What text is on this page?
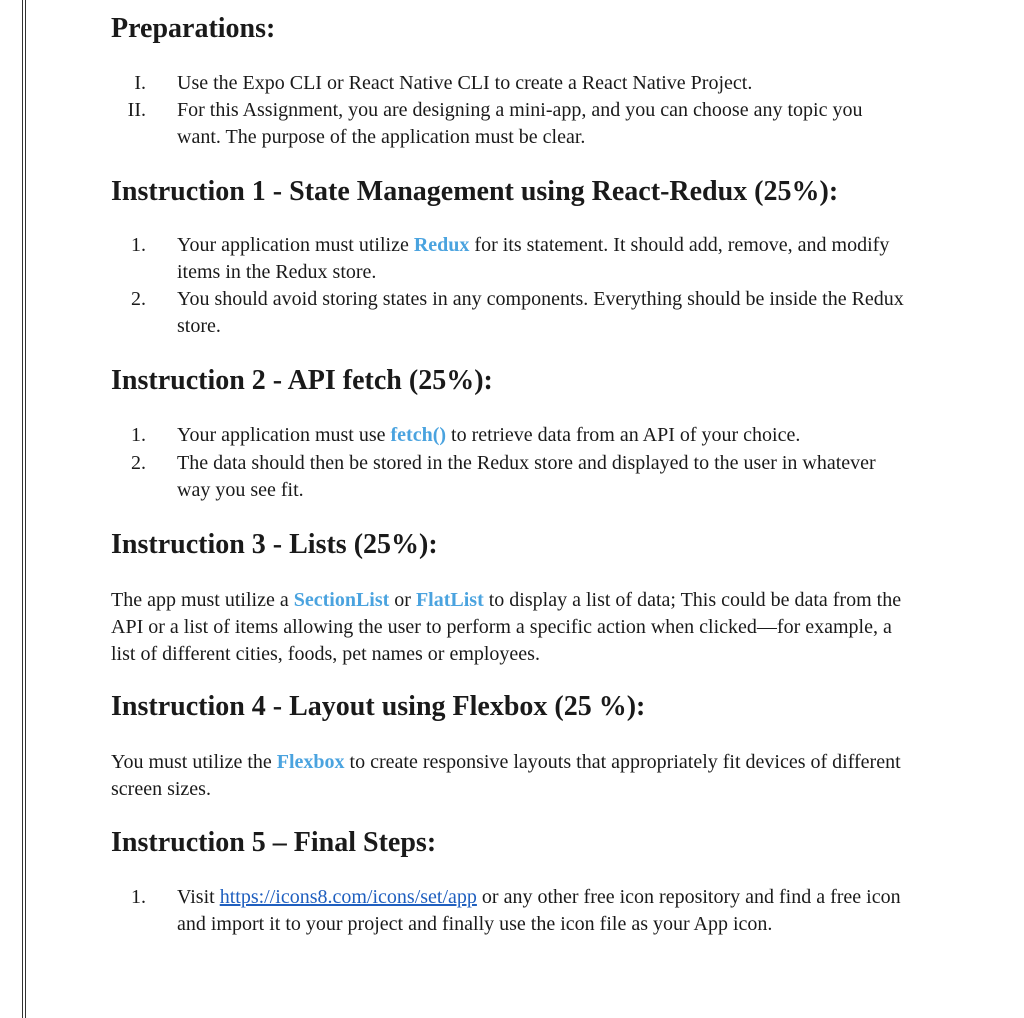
Preparations:
I. Use the Expo CLI or React Native CLI to create a React Native Project.
II. For this Assignment, you are designing a mini-app, and you can choose any topic you
want. The purpose of the application must be clear.
Instruction 1 - State Management using React-Redux (25%):
1. Your application must utilize Redux for its statement. It should add, remove, and modify
items in the Redux store.
2. You should avoid storing states in any components. Everything should be inside the Redux
store.
Instruction 2 - API fetch (25%):
1. Your application must use fetch() to retrieve data from an API of your choice.
2. The data should then be stored in the Redux store and displayed to the user in whatever
way you see fit.
Instruction 3 - Lists (25%):
The app must utilize a SectionList or FlatList to display a list of data; This could be data from the
API or a list of items allowing the user to perform a specific action when clicked—for example, a
list of different cities, foods, pet names or employees.
Instruction 4 - Layout using Flexbox (25 %):
You must utilize the Flexbox to create responsive layouts that appropriately fit devices of different
screen sizes.
Instruction 5 – Final Steps:
1. Visit https://icons8.com/icons/set/app or any other free icon repository and find a free icon
and import it to your project and finally use the icon file as your App icon.
